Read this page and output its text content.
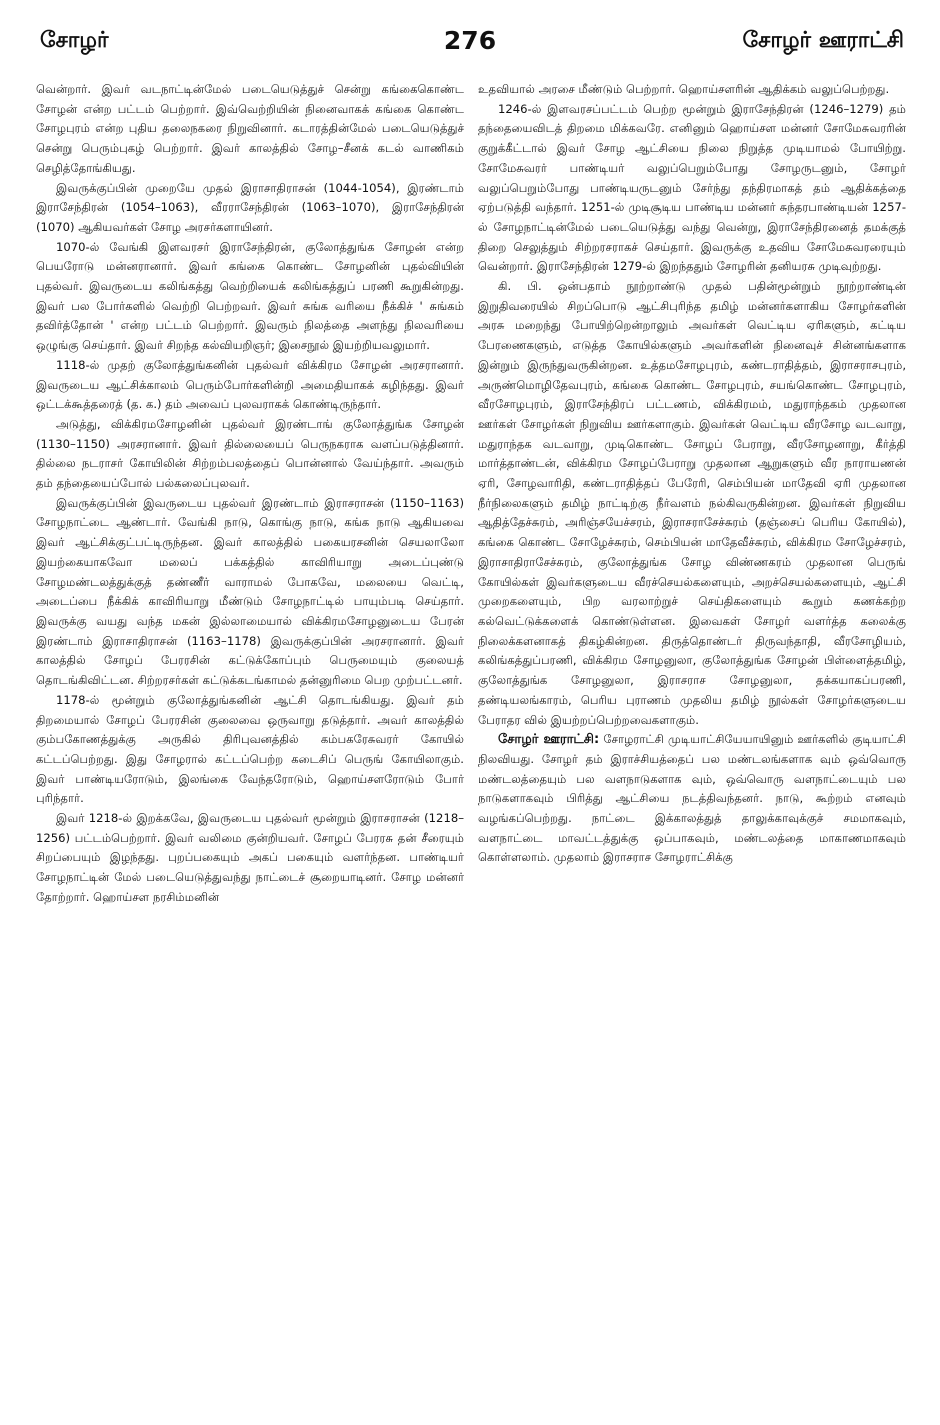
276
சோழர்	சோழர் ஊராட்சி

வென்றார். இவர் வடநாட்டின்மேல் படையெடுத்துச் சென்று கங்கைகொண்ட சோழன் என்ற பட்டம் பெற்றார். இவ்வெற்றியின் நினைவாகக் கங்கை கொண்ட சோழபுரம் என்ற புதிய தலைநகரை நிறுவினார். கடாரத்தின்மேல் படையெடுத்துச் சென்று பெரும்புகழ் பெற்றார். இவர் காலத்தில் சோழ–சீனக் கடல் வாணிகம் செழித்தோங்கியது.

இவருக்குப்பின் முறையே முதல் இராசாதிராசன் (1044-1054), இரண்டாம் இராசேந்திரன் (1054–1063), வீரராசேந்திரன் (1063–1070), இராசேந்திரன் (1070) ஆகியவர்கள் சோழ அரசர்களாயினர்.

1070-ல் வேங்கி இளவரசர் இராசேந்திரன், குலோத்துங்க சோழன் என்ற பெயரோடு மன்னரானார். இவர் கங்கை கொண்ட சோழனின் புதல்வியின் புதல்வர். இவருடைய கலிங்கத்து வெற்றியைக் கலிங்கத்துப் பரணி கூறுகின்றது. இவர் பல போர்களில் வெற்றி பெற்றவர். இவர் சுங்க வரியை நீக்கிச் ' சுங்கம் தவிர்த்தோன் ' என்ற பட்டம் பெற்றார். இவரும் நிலத்தை அளந்து நிலவரியை ஒழுங்கு செய்தார். இவர் சிறந்த கல்வியறிஞர்; இசைநூல் இயற்றியவலுமார்.

1118-ல் முதற் குலோத்துங்கனின் புதல்வர் விக்கிரம சோழன் அரசரானார். இவருடைய ஆட்சிக்காலம் பெரும்போர்களின்றி அமைதியாகக் கழிந்தது. இவர் ஒட்டக்கூத்தரைத் (த. க.) தம் அவைப் புலவராகக் கொண்டிருந்தார்.

அடுத்து, விக்கிரமசோழனின் புதல்வர் இரண்டாங் குலோத்துங்க சோழன் (1130–1150) அரசரானார். இவர் தில்லையைப் பெருநகராக வளப்படுத்தினார். தில்லை நடராசர் கோயிலின் சிற்றம்பலத்தைப் பொன்னால் வேய்ந்தார். அவரும் தம் தந்தையைப்போல் பல்கலைப்புலவர்.

இவருக்குப்பின் இவருடைய புதல்வர் இரண்டாம் இராசராசன் (1150–1163) சோழநாட்டை ஆண்டார். வேங்கி நாடு, கொங்கு நாடு, கங்க நாடு ஆகியவை இவர் ஆட்சிக்குட்பட்டிருந்தன. இவர் காலத்தில் பகையரசனின் செயலாலோ இயற்கையாகவோ மலைப் பக்கத்தில் காவிரியாறு அடைப்புண்டு சோழமண்டலத்துக்குத் தண்ணீர் வாராமல் போகவே, மலையை வெட்டி, அடைப்பை நீக்கிக் காவிரியாறு மீண்டும் சோழநாட்டில் பாயும்படி செய்தார். இவருக்கு வயது வந்த மகன் இல்லாமையால் விக்கிரமசோழனுடைய பேரன் இரண்டாம் இராசாதிராசன் (1163–1178) இவருக்குப்பின் அரசரானார். இவர் காலத்தில் சோழப் பேரரசின் கட்டுக்கோப்பும் பெருமையும் குலையத் தொடங்கிவிட்டன. சிற்றரசர்கள் கட்டுக்கடங்காமல் தன்னுரிமை பெற முற்பட்டனர்.

1178-ல் மூன்றும் குலோத்துங்கனின் ஆட்சி தொடங்கியது. இவர் தம் திறமையால் சோழப் பேரரசின் குலைவை ஒருவாறு தடுத்தார். அவர் காலத்தில் கும்பகோணத்துக்கு அருகில் திரிபுவனத்தில் கம்பகரேசுவரர் கோயில் கட்டப்பெற்றது. இது சோழரால் கட்டப்பெற்ற கடைசிப் பெருங் கோயிலாகும். இவர் பாண்டியரோடும், இலங்கை வேந்தரோடும், ஹொய்சளரோடும் போர் புரிந்தார்.

இவர் 1218-ல் இறக்கவே, இவருடைய புதல்வர் மூன்றும் இராசராசன் (1218–1256) பட்டம்பெற்றார். இவர் வலிமை குன்றியவர். சோழப் பேரரசு தன் சீரையும் சிறப்பையும் இழந்தது. புறப்பகையும் அகப் பகையும் வளர்ந்தன. பாண்டியர் சோழநாட்டின் மேல் படையெடுத்துவந்து நாட்டைச் சூறையாடினர். சோழ மன்னர் தோற்றார். ஹொய்சள நரசிம்மனின்

உதவியால் அரசை மீண்டும் பெற்றார். ஹொய்சளரின் ஆதிக்கம் வலுப்பெற்றது.

1246-ல் இளவரசப்பட்டம் பெற்ற மூன்றும் இராசேந்திரன் (1246–1279) தம் தந்தையைவிடத் திறமை மிக்கவரே. எனினும் ஹொய்சள மன்னர் சோமேசுவரரின் குறுக்கீட்டால் இவர் சோழ ஆட்சியை நிலை நிறுத்த முடியாமல் போயிற்று. சோமேசுவரர் பாண்டியர் வலுப்பெறும்போது சோழருடனும், சோழர் வலுப்பெறும்போது பாண்டியருடனும் சேர்ந்து தந்திரமாகத் தம் ஆதிக்கத்தை ஏற்படுத்தி வந்தார். 1251-ல் முடிசூடிய பாண்டிய மன்னர் சுந்தரபாண்டியன் 1257-ல் சோழநாட்டின்மேல் படையெடுத்து வந்து வென்று, இராசேந்திரனைத் தமக்குத் திறை செலுத்தும் சிற்றரசராகச் செய்தார். இவருக்கு உதவிய சோமேசுவரரையும் வென்றார். இராசேந்திரன் 1279-ல் இறந்ததும் சோழரின் தனியரசு முடிவுற்றது.

கி. பி. ஒன்பதாம் நூற்றாண்டு முதல் பதின்மூன்றும் நூற்றாண்டின் இறுதிவரையில் சிறப்பொடு ஆட்சிபுரிந்த தமிழ் மன்னர்களாகிய சோழர்களின் அரசு மறைந்து போயிற்றென்றாலும் அவர்கள் வெட்டிய ஏரிகளும், கட்டிய பேரணைகளும், எடுத்த கோயில்களும் அவர்களின் நினைவுச் சின்னங்களாக இன்றும் இருந்துவருகின்றன. உத்தமசோழபுரம், கண்டராதித்தம், இராசராசபுரம், அருண்மொழிதேவபுரம், கங்கை கொண்ட சோழபுரம், சயங்கொண்ட சோழபுரம், வீரசோழபுரம், இராசேந்திரப் பட்டணம், விக்கிரமம், மதுராந்தகம் முதலான ஊர்கள் சோழர்கள் நிறுவிய ஊர்களாகும். இவர்கள் வெட்டிய வீரசோழ வடவாறு, மதுராந்தக வடவாறு, முடிகொண்ட சோழப் பேராறு, வீரசோழனாறு, கீர்த்தி மார்த்தாண்டன், விக்கிரம சோழப்பேராறு முதலான ஆறுகளும் வீர நாராயணன் ஏரி, சோழவாரிதி, கண்டராதித்தப் பேரேரி, செம்பியன் மாதேவி ஏரி முதலான நீர்நிலைகளும் தமிழ் நாட்டிற்கு நீர்வளம் நல்கிவருகின்றன. இவர்கள் நிறுவிய ஆதித்தேச்சுரம், அரிஞ்சயேச்சரம், இராசராசேச்சுரம் (தஞ்சைப் பெரிய கோயில்), கங்கை கொண்ட சோழேச்சுரம், செம்பியன் மாதேவீச்சுரம், விக்கிரம சோழேச்சரம், இராசாதிராசேச்சுரம், குலோத்துங்க சோழ விண்ணகரம் முதலான பெருங் கோயில்கள் இவர்களுடைய வீரச்செயல்களையும், அறச்செயல்களையும், ஆட்சி முறைகளையும், பிற வரலாற்றுச் செய்திகளையும் கூறும் கணக்கற்ற கல்வெட்டுக்களைக் கொண்டுள்ளன. இவைகள் சோழர் வளர்த்த கலைக்கு நிலைக்களனாகத் திகழ்கின்றன. திருத்தொண்டர் திருவந்தாதி, வீரசோழியம், கலிங்கத்துப்பரணி, விக்கிரம சோழனுலா, குலோத்துங்க சோழன் பிள்ளைத்தமிழ், குலோத்துங்க சோழனுலா, இராசராச சோழனுலா, தக்கயாகப்பரணி, தண்டியலங்காரம், பெரிய புராணம் முதலிய தமிழ் நூல்கள் சோழர்களுடைய பேராதர வில் இயற்றப்பெற்றவைகளாகும்.

சோழர் ஊராட்சி: சோழராட்சி முடியாட்சியேயாயினும் ஊர்களில் குடியாட்சி நிலவியது. சோழர் தம் இராச்சியத்தைப் பல மண்டலங்களாக வும் ஒவ்வொரு மண்டலத்தையும் பல வளநாடுகளாக வும், ஒவ்வொரு வளநாட்டையும் பல நாடுகளாகவும் பிரித்து ஆட்சியை நடத்திவந்தனர். நாடு, கூற்றம் எனவும் வழங்கப்பெற்றது. நாட்டை இக்காலத்துத் தாலுக்காவுக்குச் சமமாகவும், வளநாட்டை மாவட்டத்துக்கு ஒப்பாகவும், மண்டலத்தை மாகாணமாகவும் கொள்ளலாம். முதலாம் இராசராச சோழராட்சிக்கு
